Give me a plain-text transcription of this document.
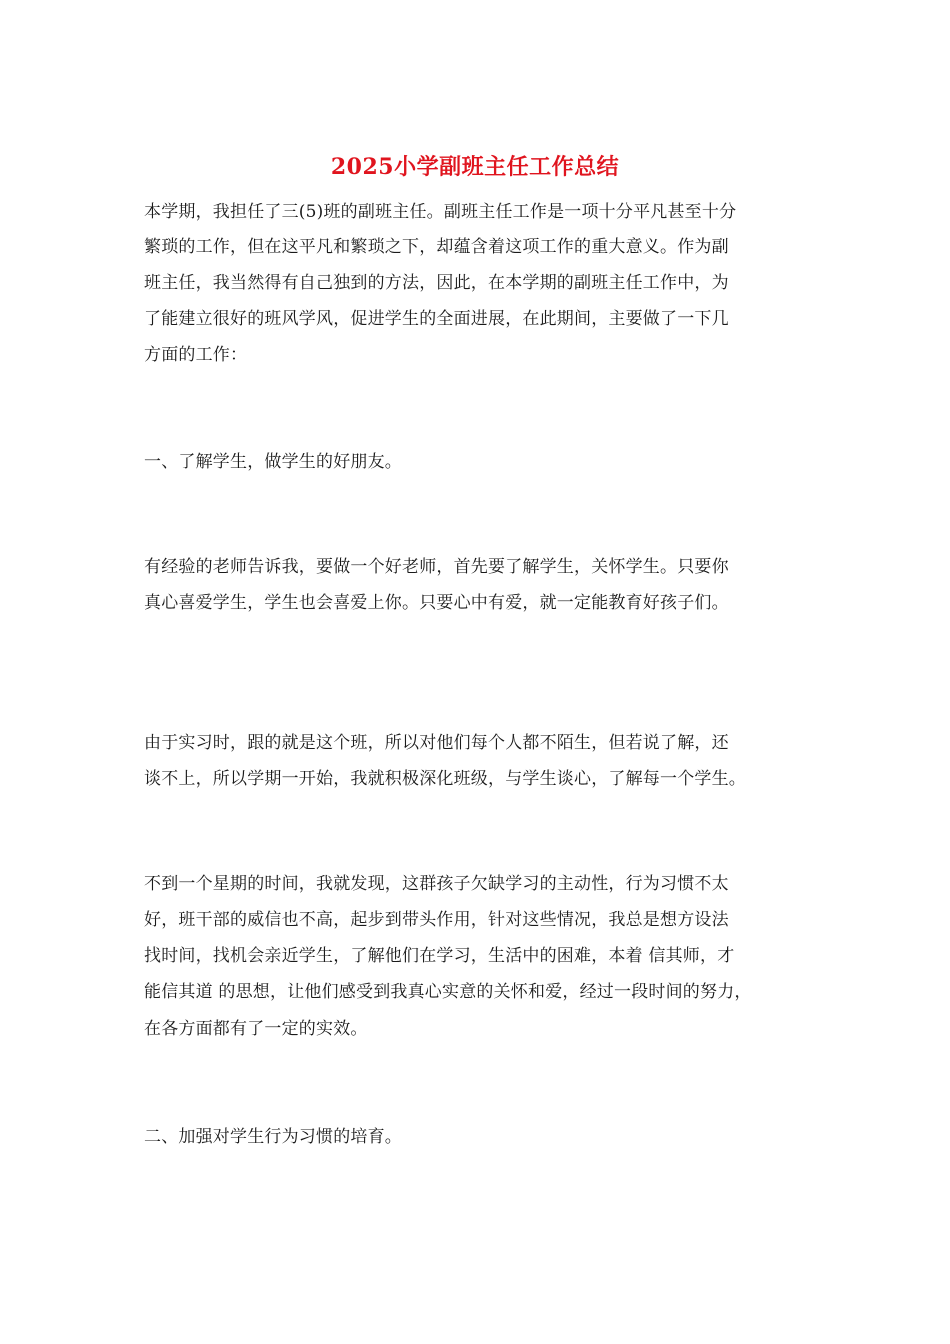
2025小学副班主任工作总结
本学期，我担任了三(5)班的副班主任。副班主任工作是一项十分平凡甚至十分
繁琐的工作，但在这平凡和繁琐之下，却蕴含着这项工作的重大意义。作为副
班主任，我当然得有自己独到的方法，因此，在本学期的副班主任工作中，为
了能建立很好的班风学风，促进学生的全面进展，在此期间，主要做了一下几
方面的工作：
一、了解学生，做学生的好朋友。
有经验的老师告诉我，要做一个好老师，首先要了解学生，关怀学生。只要你
真心喜爱学生，学生也会喜爱上你。只要心中有爱，就一定能教育好孩子们。
由于实习时，跟的就是这个班，所以对他们每个人都不陌生，但若说了解，还
谈不上，所以学期一开始，我就积极深化班级，与学生谈心，了解每一个学生。
不到一个星期的时间，我就发现，这群孩子欠缺学习的主动性，行为习惯不太
好，班干部的威信也不高，起步到带头作用，针对这些情况，我总是想方设法
找时间，找机会亲近学生，了解他们在学习，生活中的困难，本着 信其师，才
能信其道 的思想，让他们感受到我真心实意的关怀和爱，经过一段时间的努力，
在各方面都有了一定的实效。
二、加强对学生行为习惯的培育。
